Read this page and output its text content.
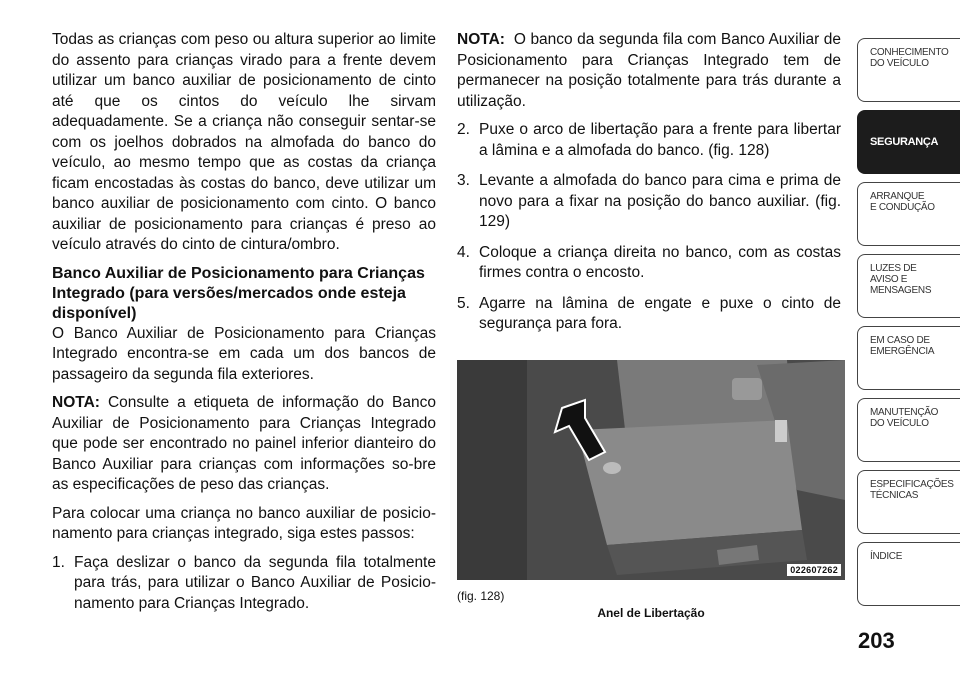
Todas as crianças com peso ou altura superior ao limite do assento para crianças virado para a frente devem utilizar um banco auxiliar de posicionamento de cinto até que os cintos do veículo lhe sirvam adequadamente. Se a criança não conseguir sentar-se com os joelhos dobrados na almofada do banco do veículo, ao mesmo tempo que as costas da criança ficam encostadas às costas do banco, deve utilizar um banco auxiliar de posicionamento com cinto. O banco auxiliar de posicionamento para crianças é preso ao veículo através do cinto de cintura/ombro.

Banco Auxiliar de Posicionamento para Crianças Integrado (para versões/mercados onde esteja disponível)

O Banco Auxiliar de Posicionamento para Crianças Integrado encontra-se em cada um dos bancos de passageiro da segunda fila exteriores.

NOTA: Consulte a etiqueta de informação do Banco Auxiliar de Posicionamento para Crianças Integrado que pode ser encontrado no painel inferior dianteiro do Banco Auxiliar para crianças com informações so-bre as especificações de peso das crianças.

Para colocar uma criança no banco auxiliar de posicio-namento para crianças integrado, siga estes passos:

1. Faça deslizar o banco da segunda fila totalmente para trás, para utilizar o Banco Auxiliar de Posicio-namento para Crianças Integrado.

NOTA: O banco da segunda fila com Banco Auxiliar de Posicionamento para Crianças Integrado tem de permanecer na posição totalmente para trás durante a utilização.

2. Puxe o arco de libertação para a frente para libertar a lâmina e a almofada do banco. (fig. 128)
3. Levante a almofada do banco para cima e prima de novo para a fixar na posição do banco auxiliar. (fig. 129)
4. Coloque a criança direita no banco, com as costas firmes contra o encosto.
5. Agarre na lâmina de engate e puxe o cinto de segurança para fora.
022607262
(fig. 128)
Anel de Libertação
CONHECIMENTO
DO VEÍCULO
SEGURANÇA
ARRANQUE
E CONDUÇÃO
LUZES DE
AVISO E
MENSAGENS
EM CASO DE
EMERGÊNCIA
MANUTENÇÃO
DO VEÍCULO
ESPECIFICAÇÕES
TÉCNICAS
ÍNDICE
203
